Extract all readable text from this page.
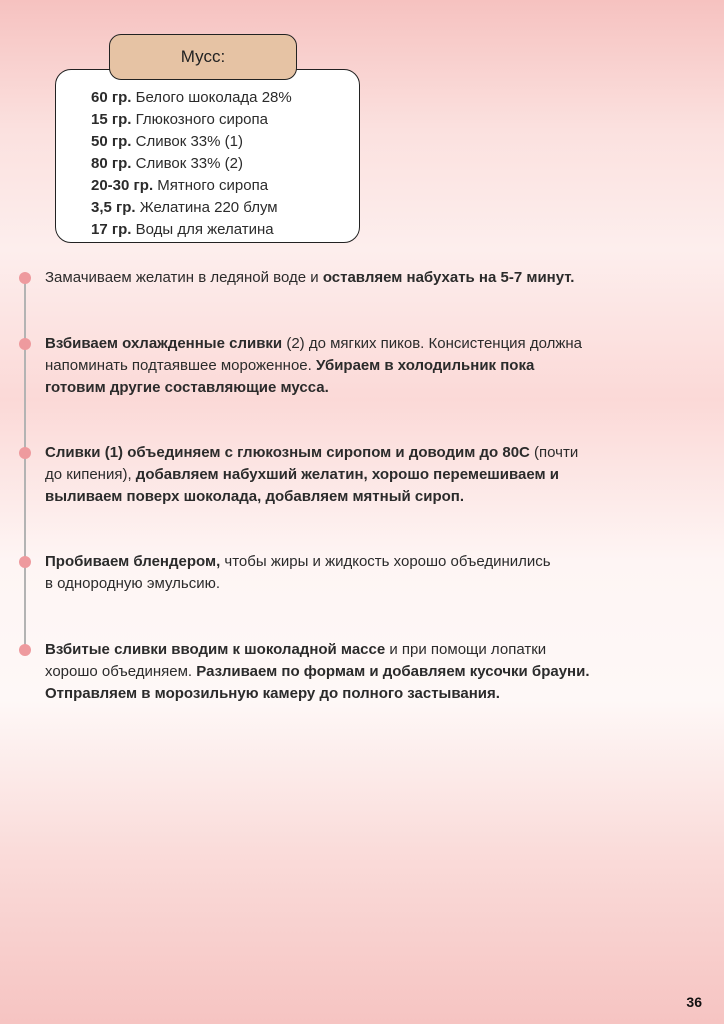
Мусс:
60 гр. Белого шоколада 28%
15 гр. Глюкозного сиропа
50 гр. Сливок 33% (1)
80 гр. Сливок 33% (2)
20-30 гр. Мятного сиропа
3,5 гр. Желатина 220 блум
17 гр. Воды для желатина

Замачиваем желатин в ледяной воде и оставляем набухать на 5-7 минут.

Взбиваем охлажденные сливки (2) до мягких пиков. Консистенция должна
напоминать подтаявшее мороженное. Убираем в холодильник пока
готовим другие составляющие мусса.

Сливки (1) объединяем с глюкозным сиропом и доводим до 80С (почти
до кипения), добавляем набухший желатин, хорошо перемешиваем и
выливаем поверх шоколада, добавляем мятный сироп.

Пробиваем блендером, чтобы жиры и жидкость хорошо объединились
в однородную эмульсию.

Взбитые сливки вводим к шоколадной массе и при помощи лопатки
хорошо объединяем. Разливаем по формам и добавляем кусочки брауни.
Отправляем в морозильную камеру до полного застывания.

36
